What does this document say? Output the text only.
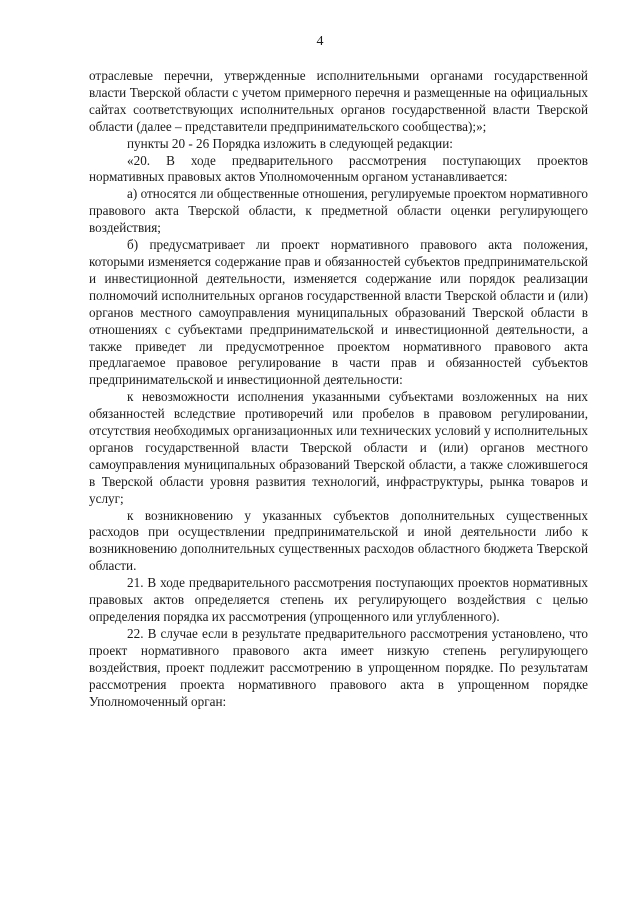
4

отраслевые перечни, утвержденные исполнительными органами государственной власти Тверской области с учетом примерного перечня и размещенные на официальных сайтах соответствующих исполнительных органов государственной власти Тверской области (далее – представители предпринимательского сообщества);»;

пункты 20 - 26 Порядка изложить в следующей редакции:

«20. В ходе предварительного рассмотрения поступающих проектов нормативных правовых актов Уполномоченным органом устанавливается:

а) относятся ли общественные отношения, регулируемые проектом нормативного правового акта Тверской области, к предметной области оценки регулирующего воздействия;

б) предусматривает ли проект нормативного правового акта положения, которыми изменяется содержание прав и обязанностей субъектов предпринимательской и инвестиционной деятельности, изменяется содержание или порядок реализации полномочий исполнительных органов государственной власти Тверской области и (или) органов местного самоуправления муниципальных образований Тверской области в отношениях с субъектами предпринимательской и инвестиционной деятельности, а также приведет ли предусмотренное проектом нормативного правового акта предлагаемое правовое регулирование в части прав и обязанностей субъектов предпринимательской и инвестиционной деятельности:

к невозможности исполнения указанными субъектами возложенных на них обязанностей вследствие противоречий или пробелов в правовом регулировании, отсутствия необходимых организационных или технических условий у исполнительных органов государственной власти Тверской области и (или) органов местного самоуправления муниципальных образований Тверской области, а также сложившегося в Тверской области уровня развития технологий, инфраструктуры, рынка товаров и услуг;

к возникновению у указанных субъектов дополнительных существенных расходов при осуществлении предпринимательской и иной деятельности либо к возникновению дополнительных существенных расходов областного бюджета Тверской области.

21. В ходе предварительного рассмотрения поступающих проектов нормативных правовых актов определяется степень их регулирующего воздействия с целью определения порядка их рассмотрения (упрощенного или углубленного).

22. В случае если в результате предварительного рассмотрения установлено, что проект нормативного правового акта имеет низкую степень регулирующего воздействия, проект подлежит рассмотрению в упрощенном порядке. По результатам рассмотрения проекта нормативного правового акта в упрощенном порядке Уполномоченный орган:
